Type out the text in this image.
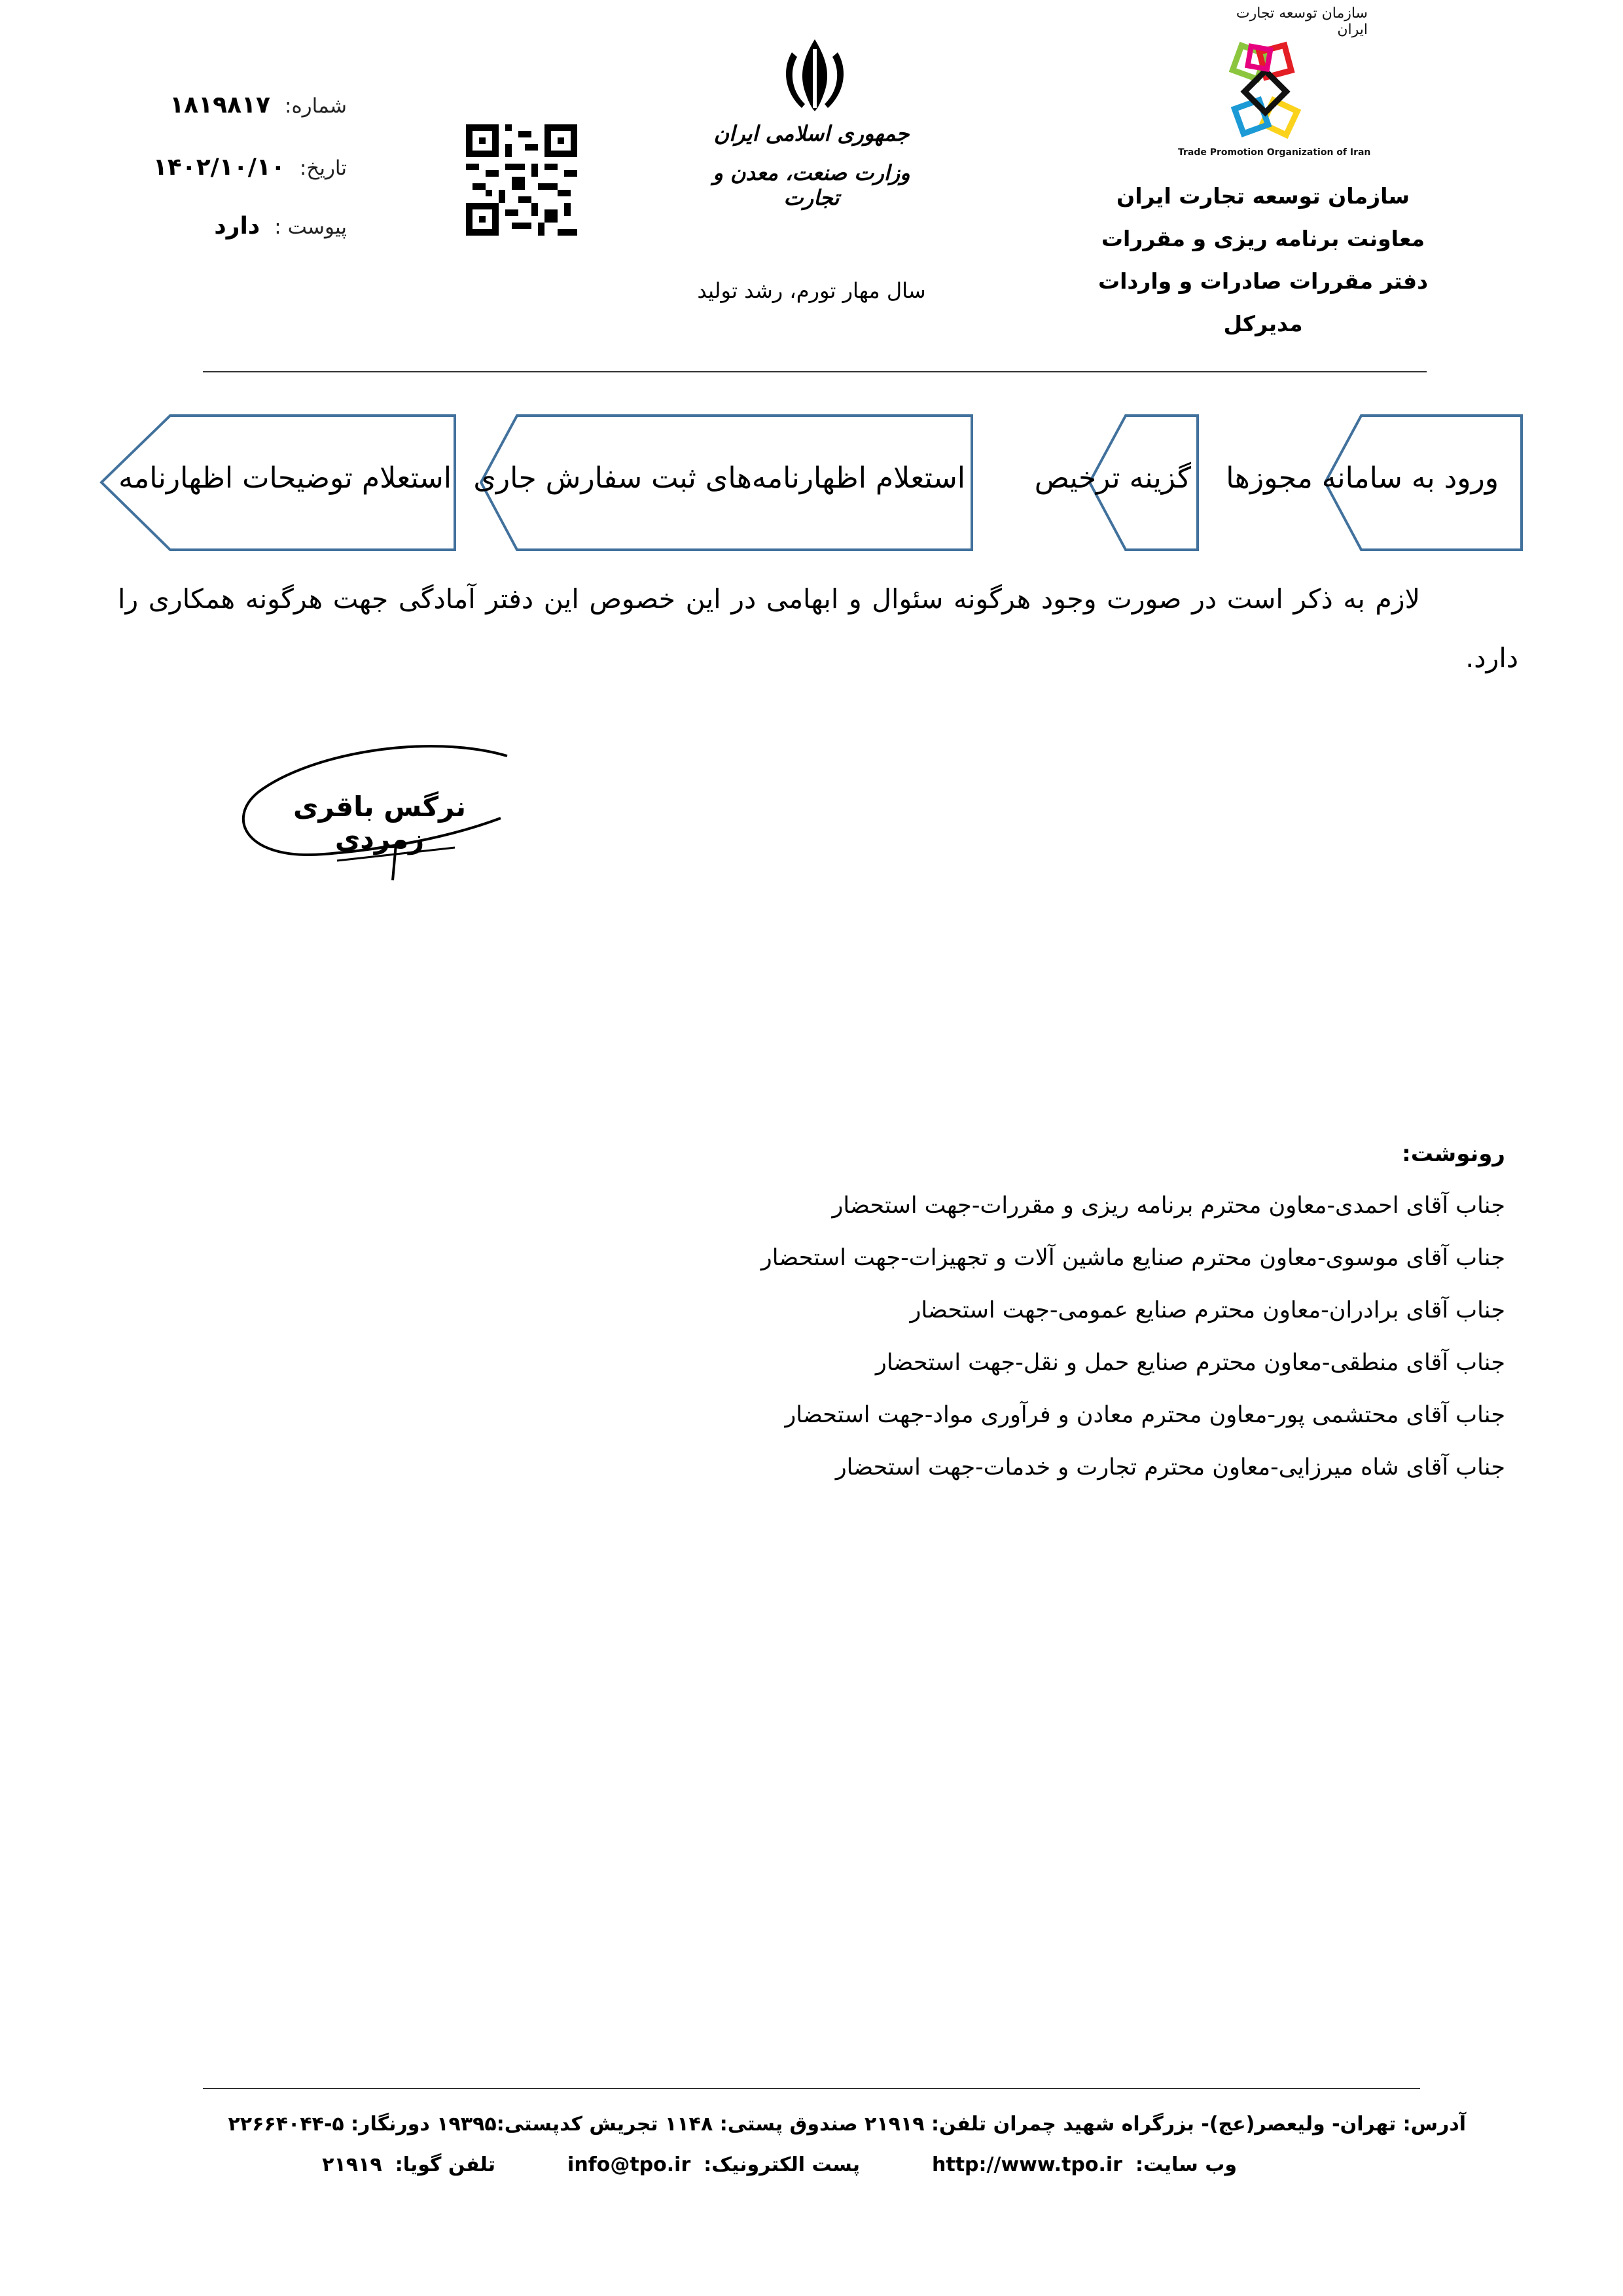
سازمان توسعه تجارت ایران
Trade Promotion Organization of Iran
سازمان توسعه تجارت ایران
معاونت برنامه ریزی و مقررات
دفتر مقررات صادرات و واردات
مدیرکل
جمهوری اسلامی ایران
وزارت صنعت، معدن و تجارت
سال مهار تورم، رشد تولید
شماره:
۱۸۱۹۸۱۷
تاریخ:
۱۴۰۲/۱۰/۱۰
پیوست :
دارد
ورود به سامانه مجوزها
گزینه ترخیص
استعلام اظهارنامه‌های ثبت سفارش جاری
استعلام توضیحات اظهارنامه
لازم به ذکر است در صورت وجود هرگونه سئوال و ابهامی در این خصوص این دفتر آمادگی جهت هرگونه همکاری را دارد.
نرگس باقری زمردی
رونوشت:
جناب آقای احمدی-معاون محترم برنامه ریزی و مقررات-جهت استحضار
جناب آقای موسوی-معاون محترم صنایع ماشین آلات و تجهیزات-جهت استحضار
جناب آقای برادران-معاون محترم صنایع عمومی-جهت استحضار
جناب آقای منطقی-معاون محترم صنایع حمل و نقل-جهت استحضار
جناب آقای محتشمی پور-معاون محترم معادن و فرآوری مواد-جهت استحضار
جناب آقای شاه میرزایی-معاون محترم تجارت و خدمات-جهت استحضار
آدرس: تهران- ولیعصر(عج)- بزرگراه شهید چمران تلفن: ۲۱۹۱۹ صندوق پستی: ۱۱۴۸ تجریش کدپستی:۱۹۳۹۵ دورنگار: ۵-۲۲۶۶۴۰۴۴
وب سایت:
http://www.tpo.ir
پست الکترونیک:
info@tpo.ir
تلفن گویا:
۲۱۹۱۹
